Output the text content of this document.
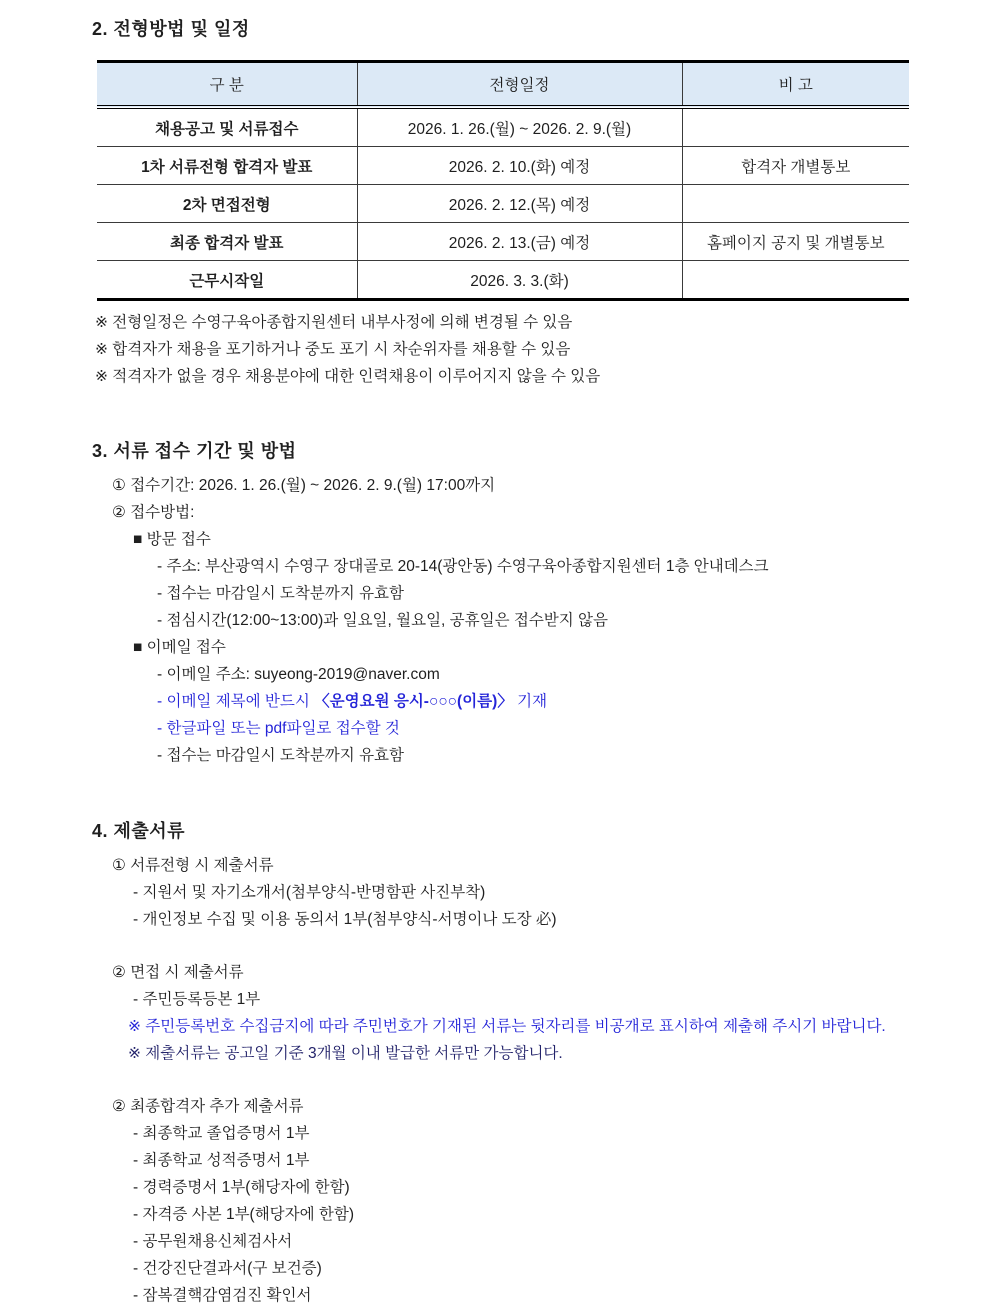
2. 전형방법 및 일정
구 분	전형일정	비 고
채용공고 및 서류접수	2026. 1. 26.(월) ~ 2026. 2. 9.(월)	
1차 서류전형 합격자 발표	2026. 2. 10.(화) 예정	합격자 개별통보
2차 면접전형	2026. 2. 12.(목) 예정	
최종 합격자 발표	2026. 2. 13.(금) 예정	홈페이지 공지 및 개별통보
근무시작일	2026. 3. 3.(화)	
※ 전형일정은 수영구육아종합지원센터 내부사정에 의해 변경될 수 있음
※ 합격자가 채용을 포기하거나 중도 포기 시 차순위자를 채용할 수 있음
※ 적격자가 없을 경우 채용분야에 대한 인력채용이 이루어지지 않을 수 있음
3. 서류 접수 기간 및 방법
① 접수기간: 2026. 1. 26.(월) ~ 2026. 2. 9.(월) 17:00까지
② 접수방법:
■ 방문 접수
- 주소: 부산광역시 수영구 장대골로 20-14(광안동) 수영구육아종합지원센터 1층 안내데스크
- 접수는 마감일시 도착분까지 유효함
- 점심시간(12:00~13:00)과 일요일, 월요일, 공휴일은 접수받지 않음
■ 이메일 접수
- 이메일 주소: suyeong-2019@naver.com
- 이메일 제목에 반드시 〈운영요원 응시-○○○(이름)〉 기재
- 한글파일 또는 pdf파일로 접수할 것
- 접수는 마감일시 도착분까지 유효함
4. 제출서류
① 서류전형 시 제출서류
- 지원서 및 자기소개서(첨부양식-반명함판 사진부착)
- 개인정보 수집 및 이용 동의서 1부(첨부양식-서명이나 도장 必)
② 면접 시 제출서류
- 주민등록등본 1부
※ 주민등록번호 수집금지에 따라 주민번호가 기재된 서류는 뒷자리를 비공개로 표시하여 제출해 주시기 바랍니다.
※ 제출서류는 공고일 기준 3개월 이내 발급한 서류만 가능합니다.
② 최종합격자 추가 제출서류
- 최종학교 졸업증명서 1부
- 최종학교 성적증명서 1부
- 경력증명서 1부(해당자에 한함)
- 자격증 사본 1부(해당자에 한함)
- 공무원채용신체검사서
- 건강진단결과서(구 보건증)
- 잠복결핵감염검진 확인서
